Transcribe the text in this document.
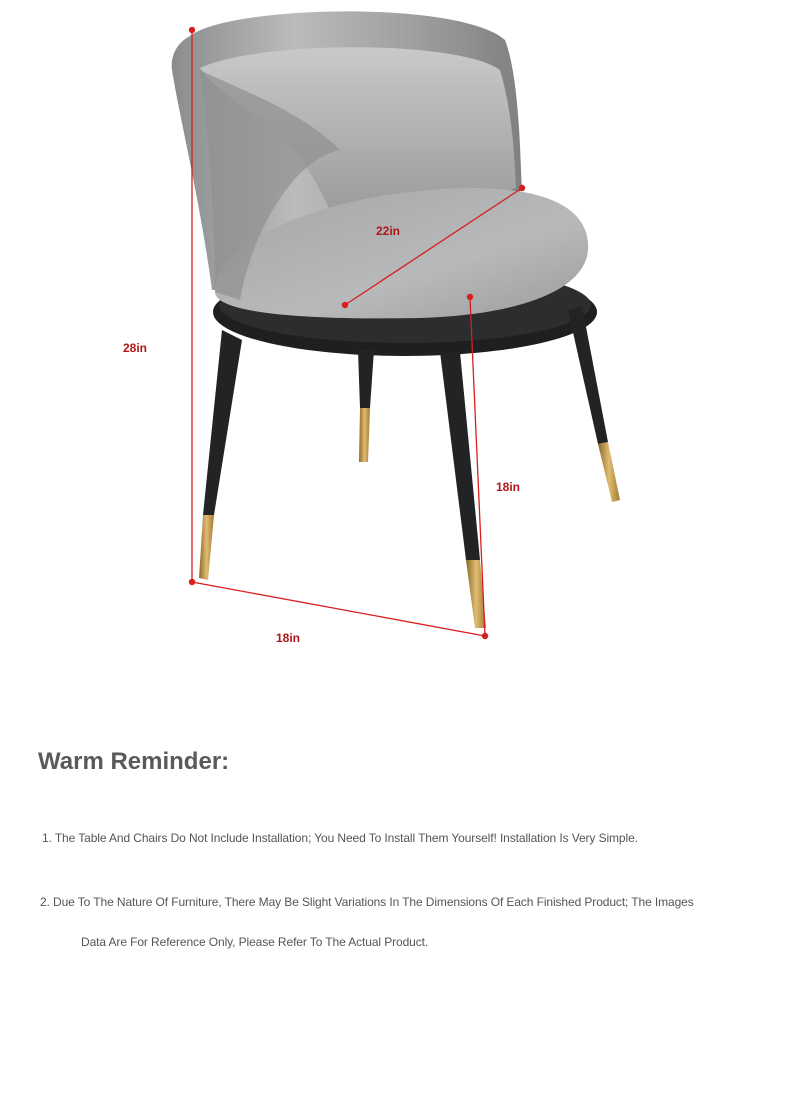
28in
22in
18in
18in
Warm Reminder:

1. The Table And Chairs Do Not Include Installation; You Need To Install Them Yourself! Installation Is Very Simple.

2. Due To The Nature Of Furniture, There May Be Slight Variations In The Dimensions Of Each Finished Product; The Images

Data Are For Reference Only, Please Refer To The Actual Product.
